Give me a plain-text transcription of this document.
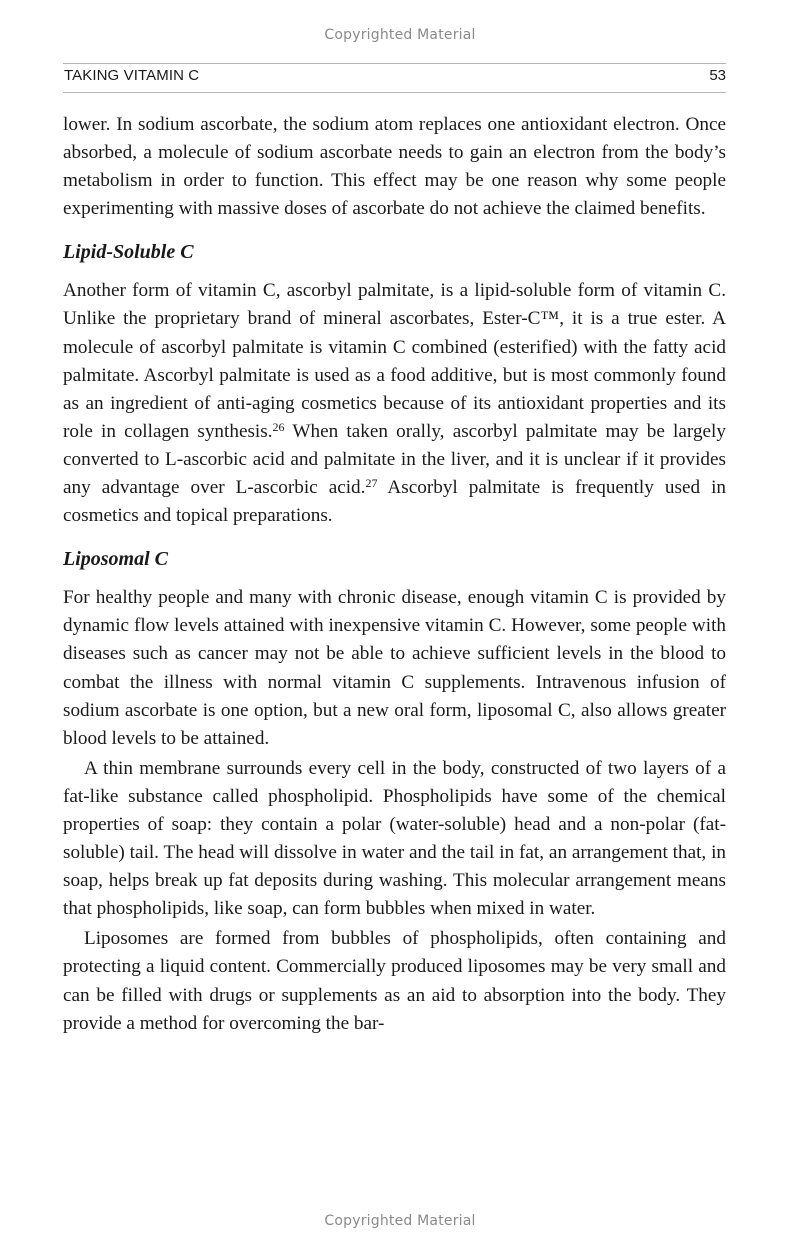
Copyrighted Material
TAKING VITAMIN C	53

lower. In sodium ascorbate, the sodium atom replaces one antioxidant electron. Once absorbed, a molecule of sodium ascorbate needs to gain an electron from the body’s metabolism in order to function. This effect may be one reason why some people experimenting with massive doses of ascorbate do not achieve the claimed benefits.

Lipid-Soluble C

Another form of vitamin C, ascorbyl palmitate, is a lipid-soluble form of vitamin C. Unlike the proprietary brand of mineral ascorbates, Ester-C™, it is a true ester. A molecule of ascorbyl palmitate is vitamin C combined (esterified) with the fatty acid palmitate. Ascorbyl palmitate is used as a food additive, but is most commonly found as an ingredient of anti-aging cosmetics because of its antioxidant properties and its role in collagen synthesis.$^{26}$ When taken orally, ascorbyl palmitate may be largely converted to L-ascorbic acid and palmitate in the liver, and it is unclear if it provides any advantage over L-ascorbic acid.$^{27}$ Ascorbyl palmitate is frequently used in cosmetics and topical preparations.

Liposomal C

For healthy people and many with chronic disease, enough vitamin C is provided by dynamic flow levels attained with inexpensive vitamin C. However, some people with diseases such as cancer may not be able to achieve sufficient levels in the blood to combat the illness with normal vitamin C supplements. Intravenous infusion of sodium ascorbate is one option, but a new oral form, liposomal C, also allows greater blood levels to be attained.

A thin membrane surrounds every cell in the body, constructed of two layers of a fat-like substance called phospholipid. Phospholipids have some of the chemical properties of soap: they contain a polar (water-soluble) head and a non-polar (fat-soluble) tail. The head will dissolve in water and the tail in fat, an arrangement that, in soap, helps break up fat deposits during washing. This molecular arrangement means that phospholipids, like soap, can form bubbles when mixed in water.

Liposomes are formed from bubbles of phospholipids, often containing and protecting a liquid content. Commercially produced liposomes may be very small and can be filled with drugs or supplements as an aid to absorption into the body. They provide a method for overcoming the bar-

Copyrighted Material
